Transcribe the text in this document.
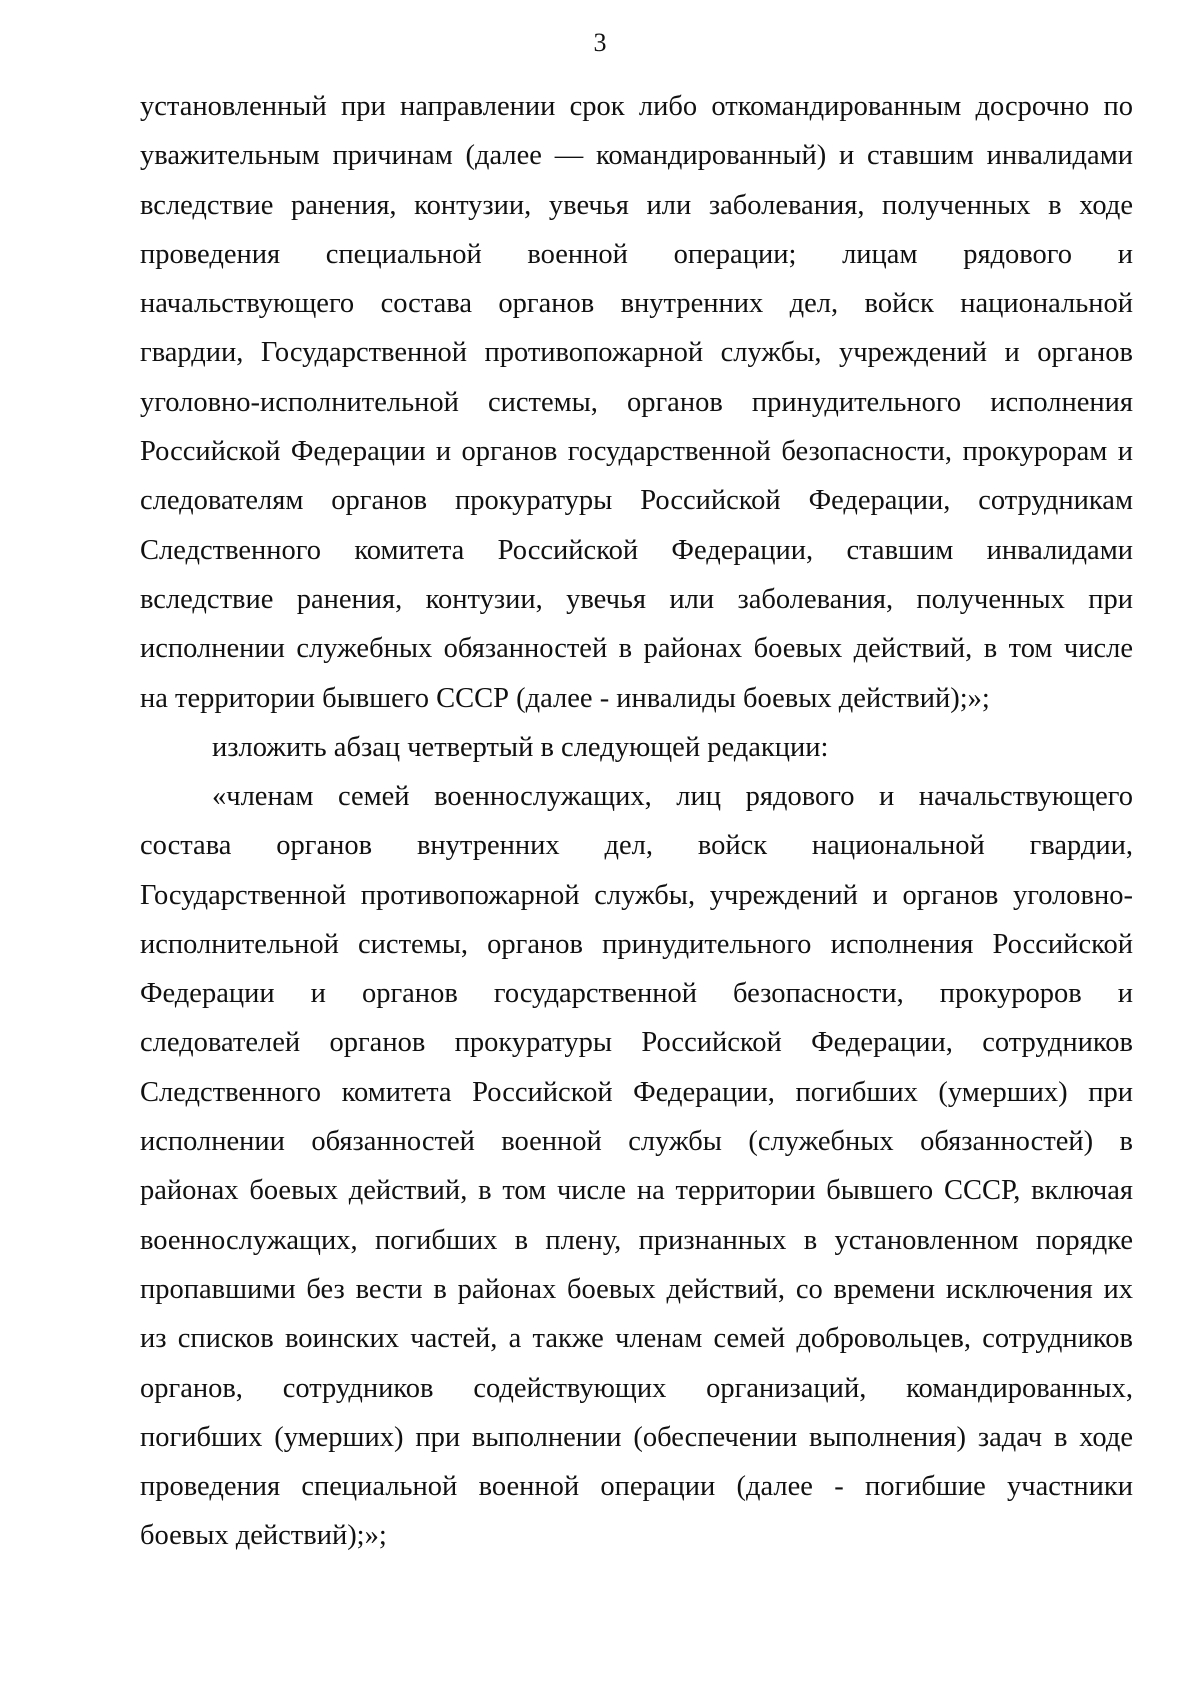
3
установленный при направлении срок либо откомандированным досрочно по
уважительным причинам (далее — командированный) и ставшим инвалидами
вследствие ранения, контузии, увечья или заболевания, полученных в ходе
проведения специальной военной операции; лицам рядового и
начальствующего состава органов внутренних дел, войск национальной
гвардии, Государственной противопожарной службы, учреждений и органов
уголовно-исполнительной системы, органов принудительного исполнения
Российской Федерации и органов государственной безопасности, прокурорам и
следователям органов прокуратуры Российской Федерации, сотрудникам
Следственного комитета Российской Федерации, ставшим инвалидами
вследствие ранения, контузии, увечья или заболевания, полученных при
исполнении служебных обязанностей в районах боевых действий, в том числе
на территории бывшего СССР (далее - инвалиды боевых действий);»;
изложить абзац четвертый в следующей редакции:
«членам семей военнослужащих, лиц рядового и начальствующего
состава органов внутренних дел, войск национальной гвардии,
Государственной противопожарной службы, учреждений и органов уголовно-
исполнительной системы, органов принудительного исполнения Российской
Федерации и органов государственной безопасности, прокуроров и
следователей органов прокуратуры Российской Федерации, сотрудников
Следственного комитета Российской Федерации, погибших (умерших) при
исполнении обязанностей военной службы (служебных обязанностей) в
районах боевых действий, в том числе на территории бывшего СССР, включая
военнослужащих, погибших в плену, признанных в установленном порядке
пропавшими без вести в районах боевых действий, со времени исключения их
из списков воинских частей, а также членам семей добровольцев, сотрудников
органов, сотрудников содействующих организаций, командированных,
погибших (умерших) при выполнении (обеспечении выполнения) задач в ходе
проведения специальной военной операции (далее - погибшие участники
боевых действий);»;
